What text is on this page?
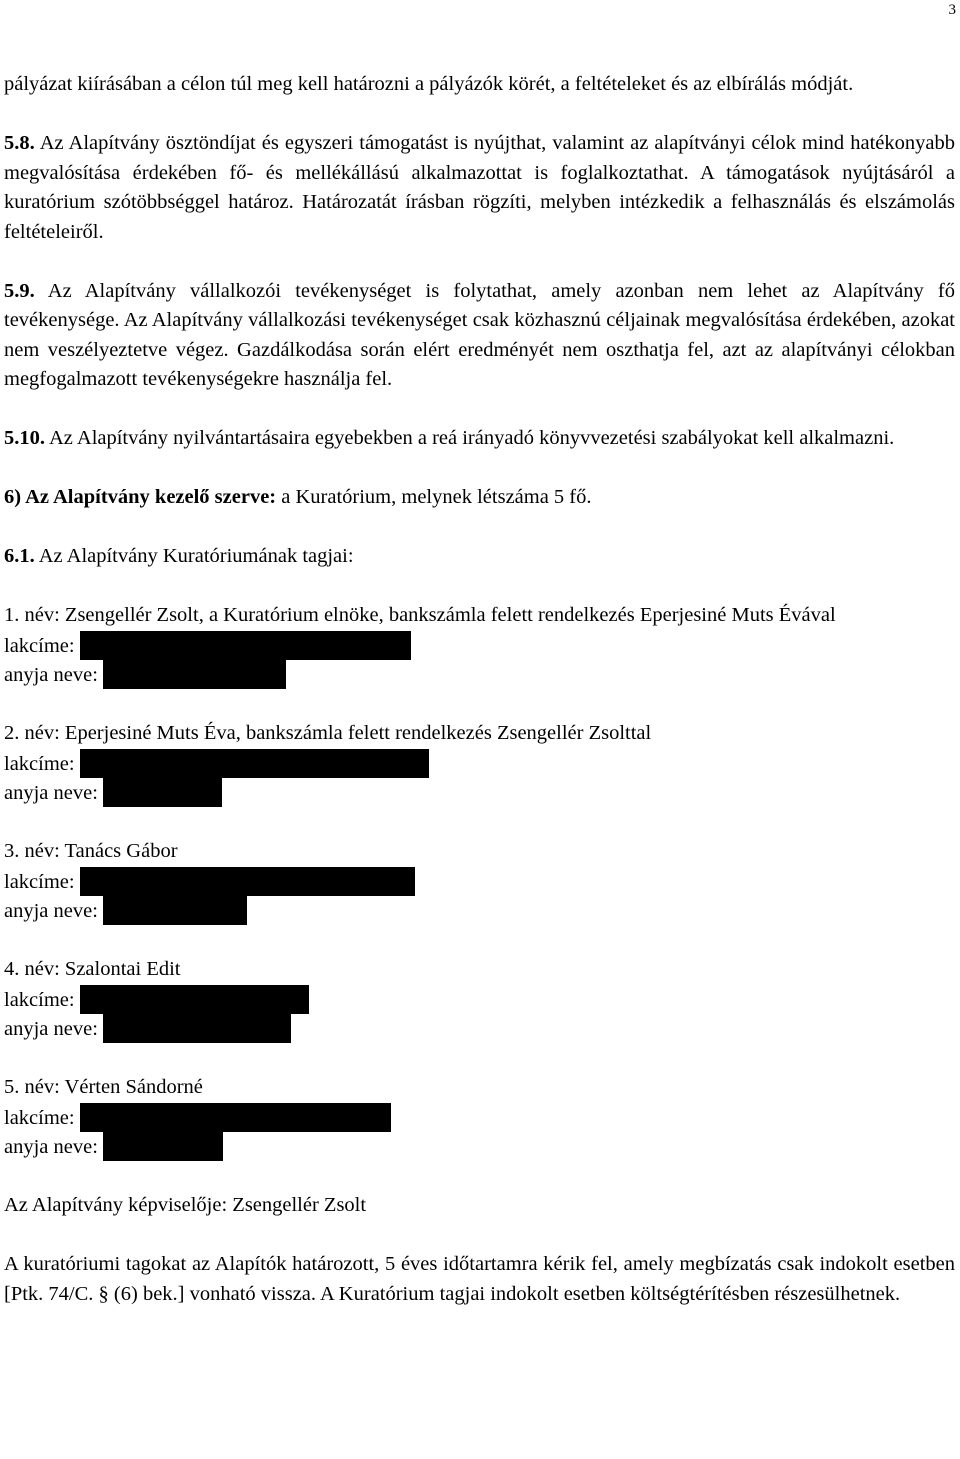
3

pályázat kiírásában a célon túl meg kell határozni a pályázók körét, a feltételeket és az elbírálás módját.

5.8. Az Alapítvány ösztöndíjat és egyszeri támogatást is nyújthat, valamint az alapítványi célok mind hatékonyabb megvalósítása érdekében fő- és mellékállású alkalmazottat is foglalkoztathat. A támogatások nyújtásáról a kuratórium szótöbbséggel határoz. Határozatát írásban rögzíti, melyben intézkedik a felhasználás és elszámolás feltételeiről.

5.9. Az Alapítvány vállalkozói tevékenységet is folytathat, amely azonban nem lehet az Alapítvány fő tevékenysége. Az Alapítvány vállalkozási tevékenységet csak közhasznú céljainak megvalósítása érdekében, azokat nem veszélyeztetve végez. Gazdálkodása során elért eredményét nem oszthatja fel, azt az alapítványi célokban megfogalmazott tevékenységekre használja fel.

5.10. Az Alapítvány nyilvántartásaira egyebekben a reá irányadó könyvvezetési szabályokat kell alkalmazni.

6) Az Alapítvány kezelő szerve: a Kuratórium, melynek létszáma 5 fő.

6.1. Az Alapítvány Kuratóriumának tagjai:

1. név: Zsengellér Zsolt, a Kuratórium elnöke, bankszámla felett rendelkezés Eperjesiné Muts Évával
lakcíme:
anyja neve:
2. név: Eperjesiné Muts Éva, bankszámla felett rendelkezés Zsengellér Zsolttal
lakcíme:
anyja neve:
3. név: Tanács Gábor
lakcíme:
anyja neve:
4. név: Szalontai Edit
lakcíme:
anyja neve:
5. név: Vérten Sándorné
lakcíme:
anyja neve:

Az Alapítvány képviselője: Zsengellér Zsolt

A kuratóriumi tagokat az Alapítók határozott, 5 éves időtartamra kérik fel, amely megbízatás csak indokolt esetben [Ptk. 74/C. § (6) bek.] vonható vissza. A Kuratórium tagjai indokolt esetben költségtérítésben részesülhetnek.
